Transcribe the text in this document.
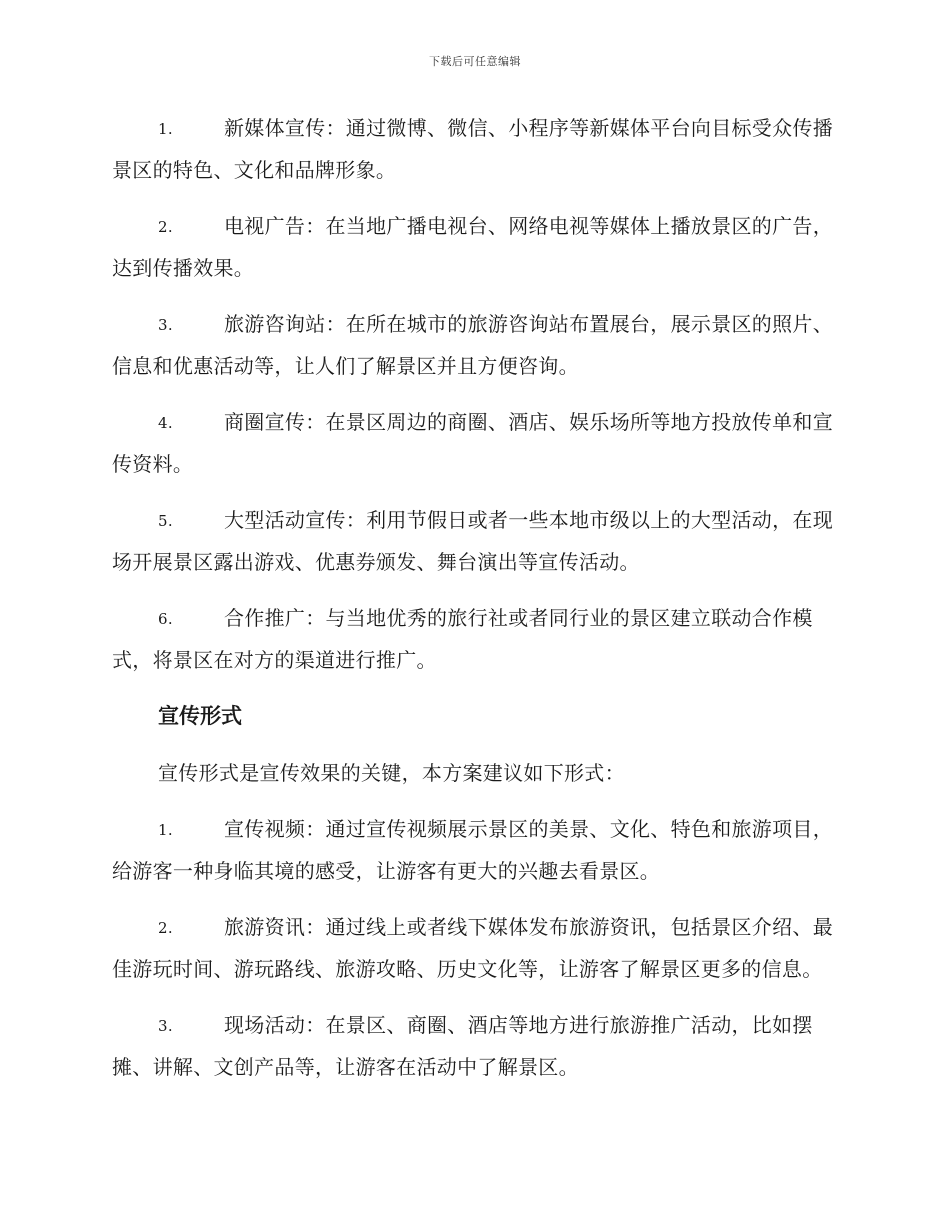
下载后可任意编辑
1.	新媒体宣传：通过微博、微信、小程序等新媒体平台向目标受众传播景区的特色、文化和品牌形象。
2.	电视广告：在当地广播电视台、网络电视等媒体上播放景区的广告，达到传播效果。
3.	旅游咨询站：在所在城市的旅游咨询站布置展台，展示景区的照片、信息和优惠活动等，让人们了解景区并且方便咨询。
4.	商圈宣传：在景区周边的商圈、酒店、娱乐场所等地方投放传单和宣传资料。
5.	大型活动宣传：利用节假日或者一些本地市级以上的大型活动，在现场开展景区露出游戏、优惠券颁发、舞台演出等宣传活动。
6.	合作推广：与当地优秀的旅行社或者同行业的景区建立联动合作模式，将景区在对方的渠道进行推广。
宣传形式
宣传形式是宣传效果的关键，本方案建议如下形式：
1.	宣传视频：通过宣传视频展示景区的美景、文化、特色和旅游项目，给游客一种身临其境的感受，让游客有更大的兴趣去看景区。
2.	旅游资讯：通过线上或者线下媒体发布旅游资讯，包括景区介绍、最佳游玩时间、游玩路线、旅游攻略、历史文化等，让游客了解景区更多的信息。
3.	现场活动：在景区、商圈、酒店等地方进行旅游推广活动，比如摆摊、讲解、文创产品等，让游客在活动中了解景区。
